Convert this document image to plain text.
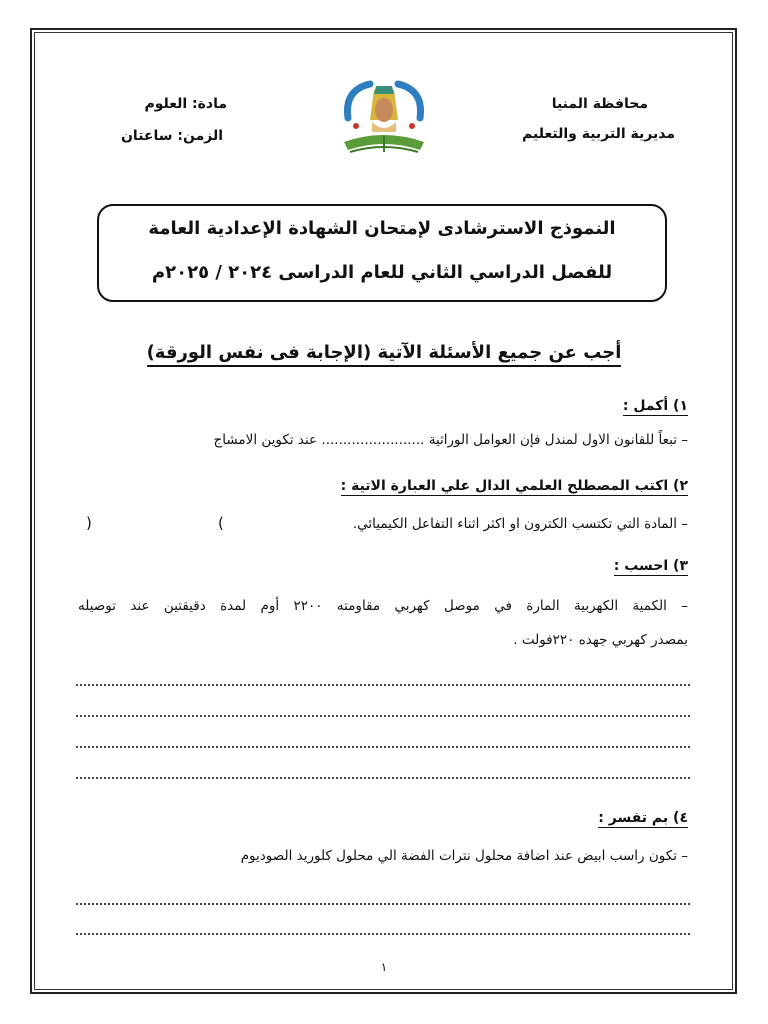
محافظة المنيا
مديرية التربية والتعليم
مادة: العلوم
الزمن: ساعتان
النموذج الاسترشادى لإمتحان الشهادة الإعدادية العامة
للفصل الدراسي الثاني للعام الدراسى ٢٠٢٤ / ٢٠٢٥م
أجب عن جميع الأسئلة الآتية (الإجابة فى نفس الورقة)
١) أكمل :
– تبعاً للقانون الاول لمندل فإن العوامل الوراثية ........................ عند تكوين الامشاج
٢) اكتب المصطلح العلمي الدال علي العبارة الاتية :
– المادة التي تكتسب الكترون او اكثر اثناء التفاعل الكيميائي.
(
)
٣) احسب :
– الكمية الكهربية المارة في موصل كهربي مقاومته ٢٢٠٠ أوم لمدة دقيقتين عند توصيله
بمصدر كهربي جهده ٢٢٠فولت .
٤) بم تفسر :
– تكون راسب ابيض عند اضافة محلول نترات الفضة الي محلول كلوريد الصوديوم
١
